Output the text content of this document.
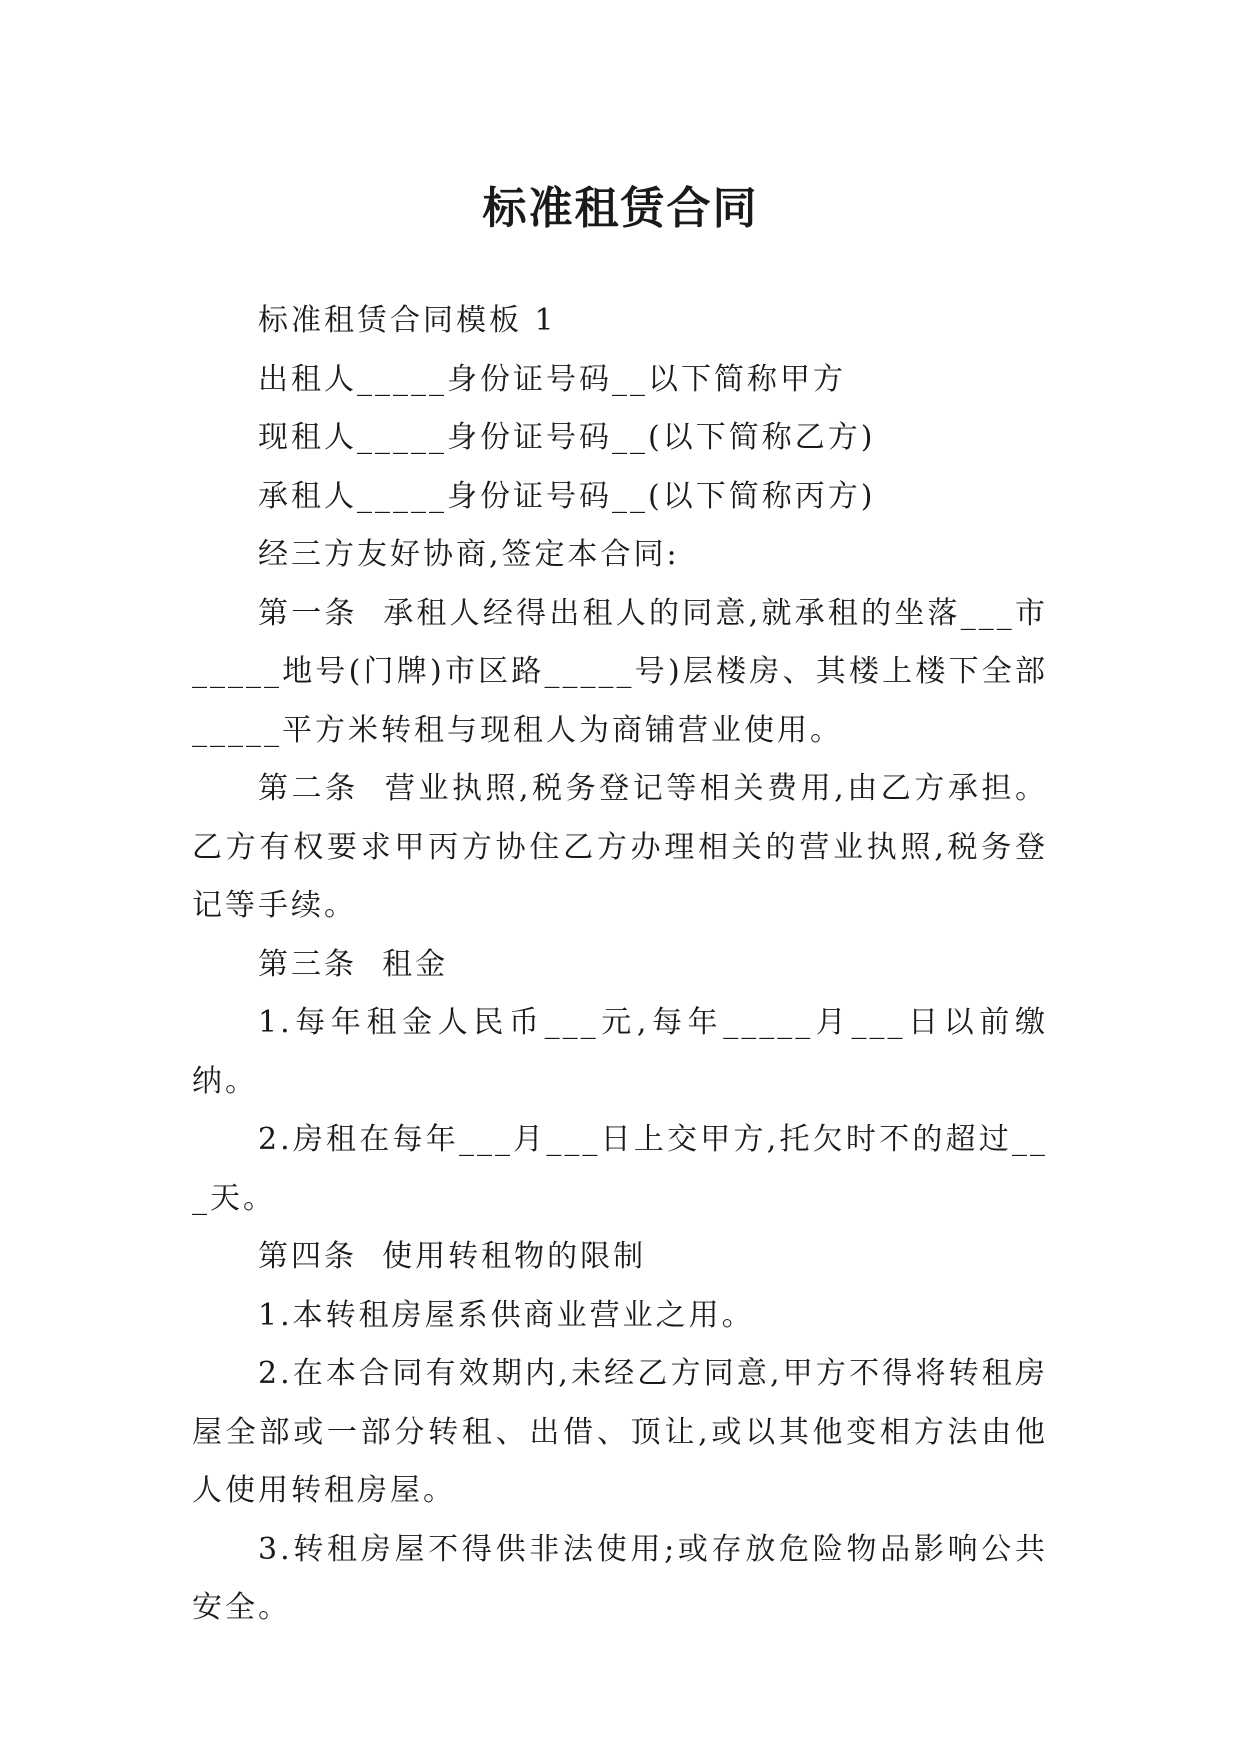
标准租赁合同

标准租赁合同模板 1

出租人_____身份证号码__以下简称甲方

现租人_____身份证号码__(以下简称乙方)

承租人_____身份证号码__(以下简称丙方)

经三方友好协商,签定本合同:

第一条  承租人经得出租人的同意,就承租的坐落___市_____地号(门牌)市区路_____号)层楼房、其楼上楼下全部_____平方米转租与现租人为商铺营业使用。

第二条  营业执照,税务登记等相关费用,由乙方承担。乙方有权要求甲丙方协住乙方办理相关的营业执照,税务登记等手续。

第三条  租金

1.每年租金人民币___元,每年_____月___日以前缴纳。

2.房租在每年___月___日上交甲方,托欠时不的超过___天。

第四条  使用转租物的限制

1.本转租房屋系供商业营业之用。

2.在本合同有效期内,未经乙方同意,甲方不得将转租房屋全部或一部分转租、出借、顶让,或以其他变相方法由他人使用转租房屋。

3.转租房屋不得供非法使用;或存放危险物品影响公共安全。
